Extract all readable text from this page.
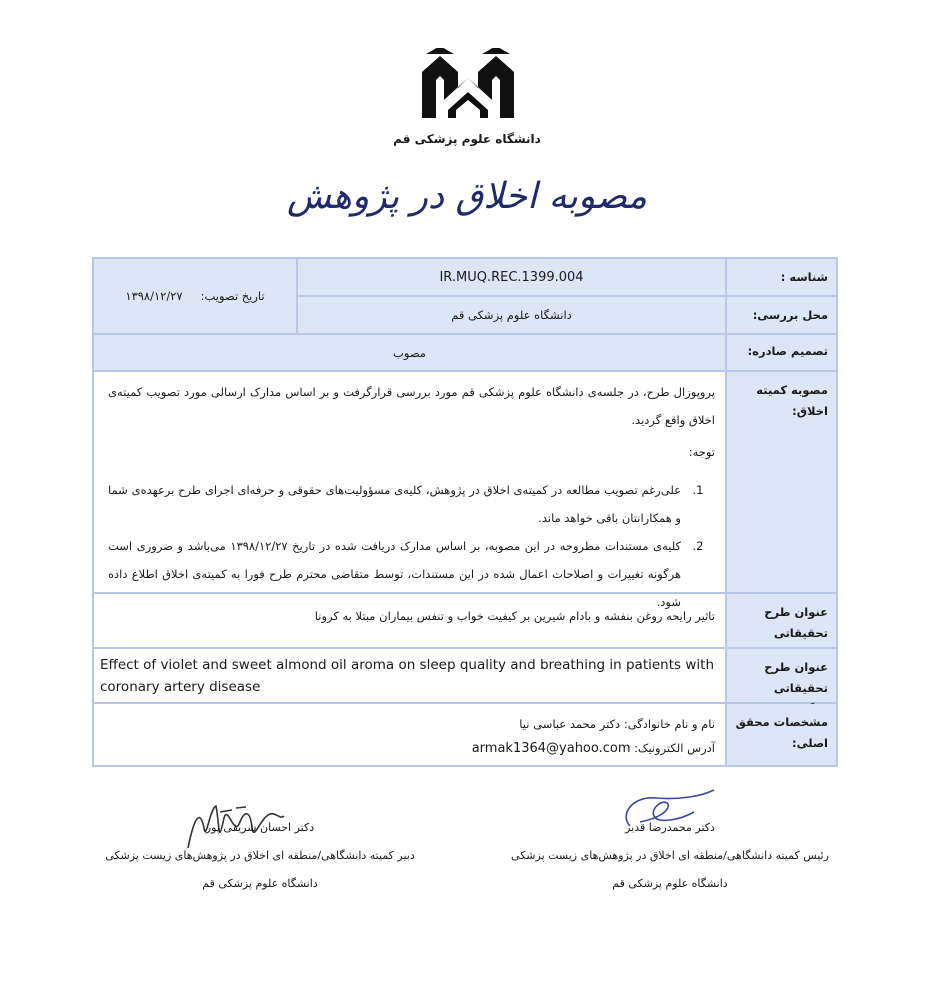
دانشگاه علوم پزشکی قم
مصوبه اخلاق در پژوهش
شناسه :
IR.MUQ.REC.1399.004
تاریخ تصویب:
۱۳۹۸/۱۲/۲۷
محل بررسی:
دانشگاه علوم پزشکی قم
تصمیم صادره:
مصوب
مصوبه کمیته اخلاق:

پروپوزال طرح، در جلسه‌ی دانشگاه علوم پزشکی قم مورد بررسی قرارگرفت و بر اساس مدارک ارسالی مورد تصویب کمیته‌ی اخلاق واقع گردید.

توجه:

1.

علی‌رغم تصویب مطالعه در کمیته‌ی اخلاق در پژوهش، کلیه‌ی مسؤولیت‌های حقوقی و حرفه‌ای اجرای طرح برعهده‌ی شما و همکارانتان باقی خواهد ماند.

2.

کلیه‌ی مستندات مطروحه در این مصوبه، بر اساس مدارک دریافت شده در تاریخ ۱۳۹۸/۱۲/۲۷ می‌باشد و ضروری است هرگونه تغییرات و اصلاحات اعمال شده در این مستندات، توسط متقاضی محترم طرح فورا به کمیته‌ی اخلاق اطلاع داده شود.

عنوان طرح تحقیقاتی
تاثیر رایحه روغن بنفشه و بادام شیرین بر کیفیت خواب و تنفس بیماران مبتلا به کرونا
عنوان طرح تحقیقاتی
Effect of violet and sweet almond oil aroma on sleep quality and breathing in patients with coronary artery disease
مشخصات محقق اصلی:
نام و نام خانوادگی: دکتر محمد عباسی نیا
آدرس الکترونیک: armak1364@yahoo.com
دکتر احسان شریفی پور
دبیر کمیته دانشگاهی/منطقه ای اخلاق در پژوهش‌های زیست پزشکی
دانشگاه علوم پزشکی قم
دکتر محمدرضا قدیر
رئیس کمیته دانشگاهی/منطقه ای اخلاق در پژوهش‌های زیست پزشکی
دانشگاه علوم پزشکی قم
